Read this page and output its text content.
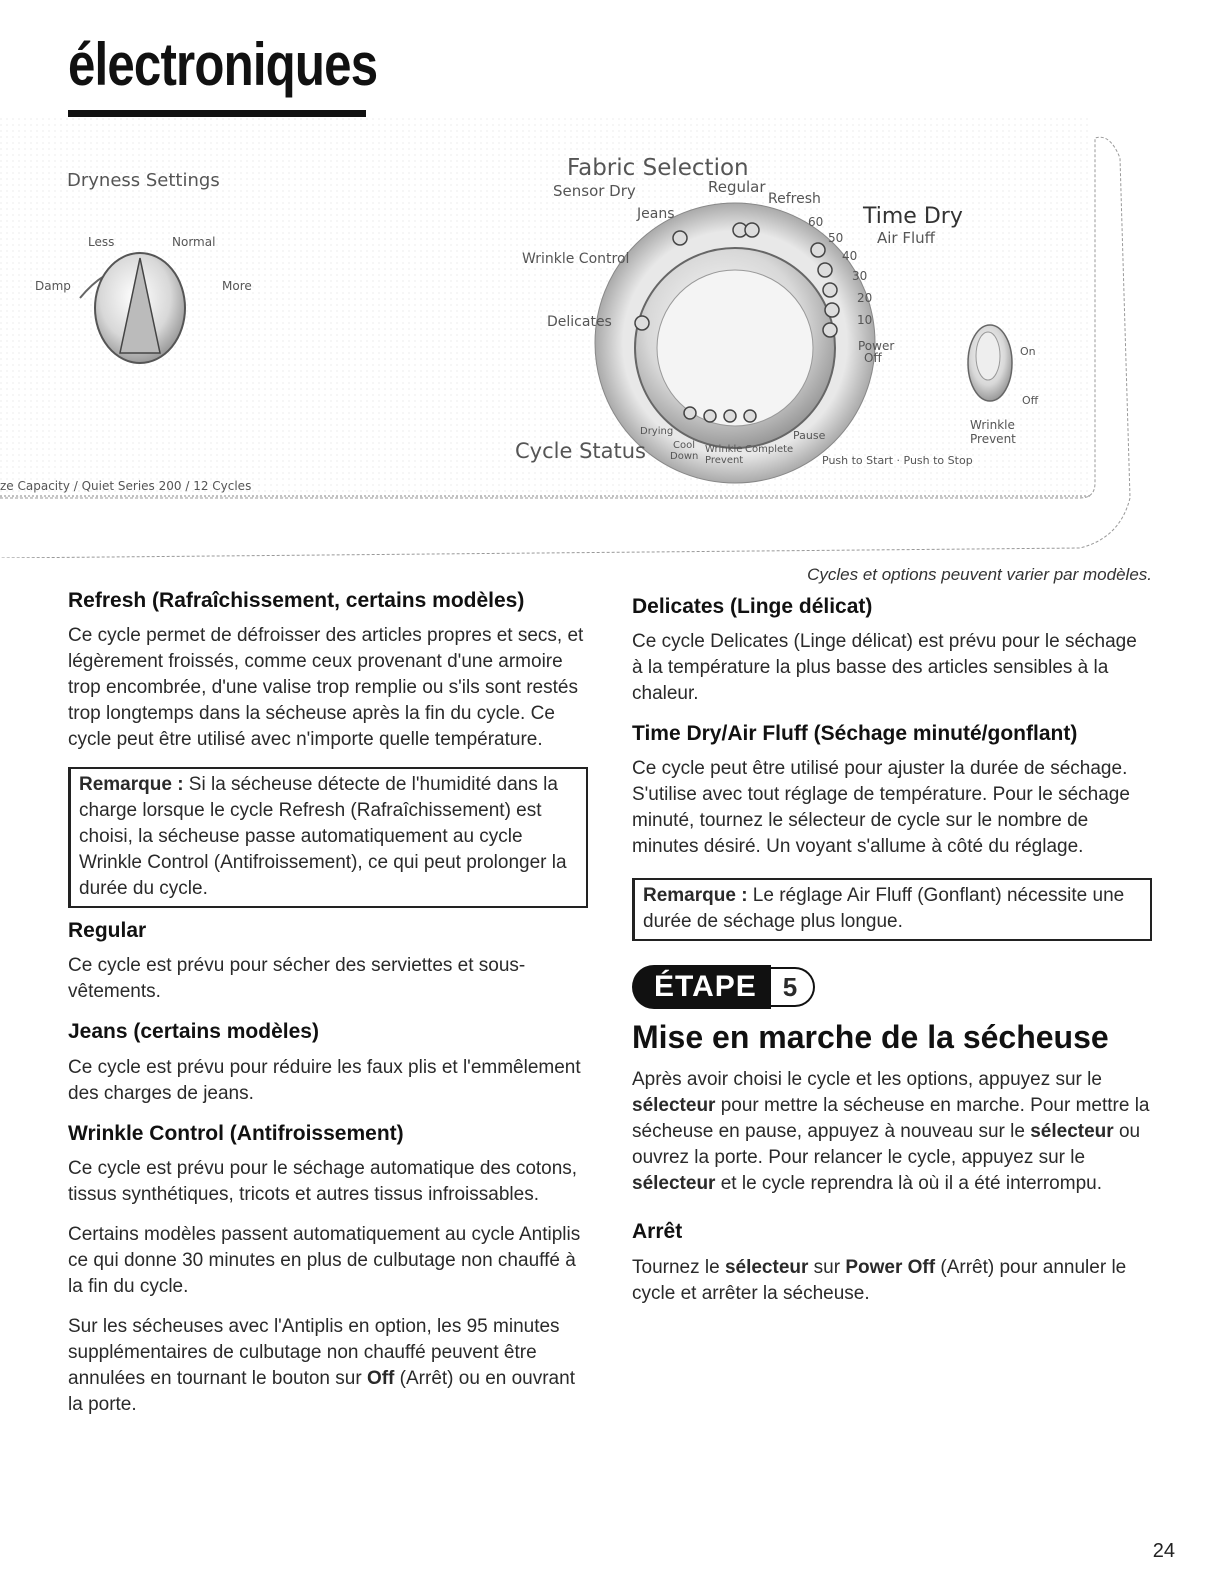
électroniques
Dryness Settings
Less	Normal
Damp	More
Fabric Selection
Sensor Dry	Regular
Refresh
Jeans
Wrinkle Control
Delicates
Time Dry
Air Fluff
60
50
40
30
20
10
Power
Off	On
Off
Wrinkle
Prevent
Cycle Status
Drying
Cool
Down
Wrinkle
Prevent
Complete
Pause
Push to Start · Push to Stop
ze Capacity / Quiet Series 200 / 12 Cycles
Refresh (Rafraîchissement, certains modèles)

Ce cycle permet de défroisser des articles propres et secs, et légèrement froissés, comme ceux provenant d'une armoire trop encombrée, d'une valise trop remplie ou s'ils sont restés trop longtemps dans la sécheuse après la fin du cycle. Ce cycle peut être utilisé avec n'importe quelle température.

Remarque : Si la sécheuse détecte de l'humidité dans la charge lorsque le cycle Refresh (Rafraîchissement) est choisi, la sécheuse passe automatiquement au cycle Wrinkle Control (Antifroissement), ce qui peut prolonger la durée du cycle.
Regular

Ce cycle est prévu pour sécher des serviettes et sous-vêtements.

Jeans (certains modèles)

Ce cycle est prévu pour réduire les faux plis et l'emmêlement des charges de jeans.

Wrinkle Control (Antifroissement)

Ce cycle est prévu pour le séchage automatique des cotons, tissus synthétiques, tricots et autres tissus infroissables.

Certains modèles passent automatiquement au cycle Antiplis ce qui donne 30 minutes en plus de culbutage non chauffé à la fin du cycle.

Sur les sécheuses avec l'Antiplis en option, les 95 minutes supplémentaires de culbutage non chauffé peuvent être annulées en tournant le bouton sur Off (Arrêt) ou en ouvrant la porte.

Cycles et options peuvent varier par modèles.

Delicates (Linge délicat)

Ce cycle Delicates (Linge délicat) est prévu pour le séchage à la température la plus basse des articles sensibles à la chaleur.

Time Dry/Air Fluff (Séchage minuté/gonflant)

Ce cycle peut être utilisé pour ajuster la durée de séchage. S'utilise avec tout réglage de température. Pour le séchage minuté, tournez le sélecteur de cycle sur le nombre de minutes désiré. Un voyant s'allume à côté du réglage.

Remarque : Le réglage Air Fluff (Gonflant) nécessite une durée de séchage plus longue.
ÉTAPE	5
Mise en marche de la sécheuse

Après avoir choisi le cycle et les options, appuyez sur le sélecteur pour mettre la sécheuse en marche. Pour mettre la sécheuse en pause, appuyez à nouveau sur le sélecteur ou ouvrez la porte. Pour relancer le cycle, appuyez sur le sélecteur et le cycle reprendra là où il a été interrompu.

Arrêt

Tournez le sélecteur sur Power Off (Arrêt) pour annuler le cycle et arrêter la sécheuse.

24
